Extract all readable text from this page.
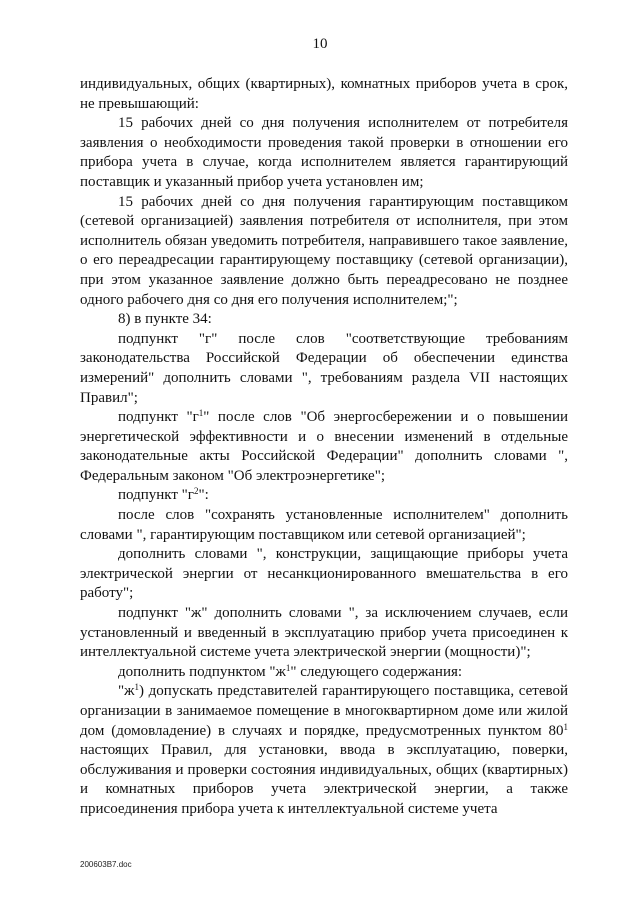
10

индивидуальных, общих (квартирных), комнатных приборов учета в срок, не превышающий:

15 рабочих дней со дня получения исполнителем от потребителя заявления о необходимости проведения такой проверки в отношении его прибора учета в случае, когда исполнителем является гарантирующий поставщик и указанный прибор учета установлен им;

15 рабочих дней со дня получения гарантирующим поставщиком (сетевой организацией) заявления потребителя от исполнителя, при этом исполнитель обязан уведомить потребителя, направившего такое заявление, о его переадресации гарантирующему поставщику (сетевой организации), при этом указанное заявление должно быть переадресовано не позднее одного рабочего дня со дня его получения исполнителем;";

8) в пункте 34:

подпункт "г" после слов "соответствующие требованиям законодательства Российской Федерации об обеспечении единства измерений" дополнить словами ", требованиям раздела VII настоящих Правил";

подпункт "$г^1$" после слов "Об энергосбережении и о повышении энергетической эффективности и о внесении изменений в отдельные законодательные акты Российской Федерации" дополнить словами ", Федеральным законом "Об электроэнергетике";

подпункт "$г^2$":

после слов "сохранять установленные исполнителем" дополнить словами ", гарантирующим поставщиком или сетевой организацией";

дополнить словами ", конструкции, защищающие приборы учета электрической энергии от несанкционированного вмешательства в его работу";

подпункт "ж" дополнить словами ", за исключением случаев, если установленный и введенный в эксплуатацию прибор учета присоединен к интеллектуальной системе учета электрической энергии (мощности)";

дополнить подпунктом "$ж^1$" следующего содержания:

"$ж^1$) допускать представителей гарантирующего поставщика, сетевой организации в занимаемое помещение в многоквартирном доме или жилой дом (домовладение) в случаях и порядке, предусмотренных пунктом $80^1$ настоящих Правил, для установки, ввода в эксплуатацию, поверки, обслуживания и проверки состояния индивидуальных, общих (квартирных) и комнатных приборов учета электрической энергии, а также присоединения прибора учета к интеллектуальной системе учета

200603В7.doc
